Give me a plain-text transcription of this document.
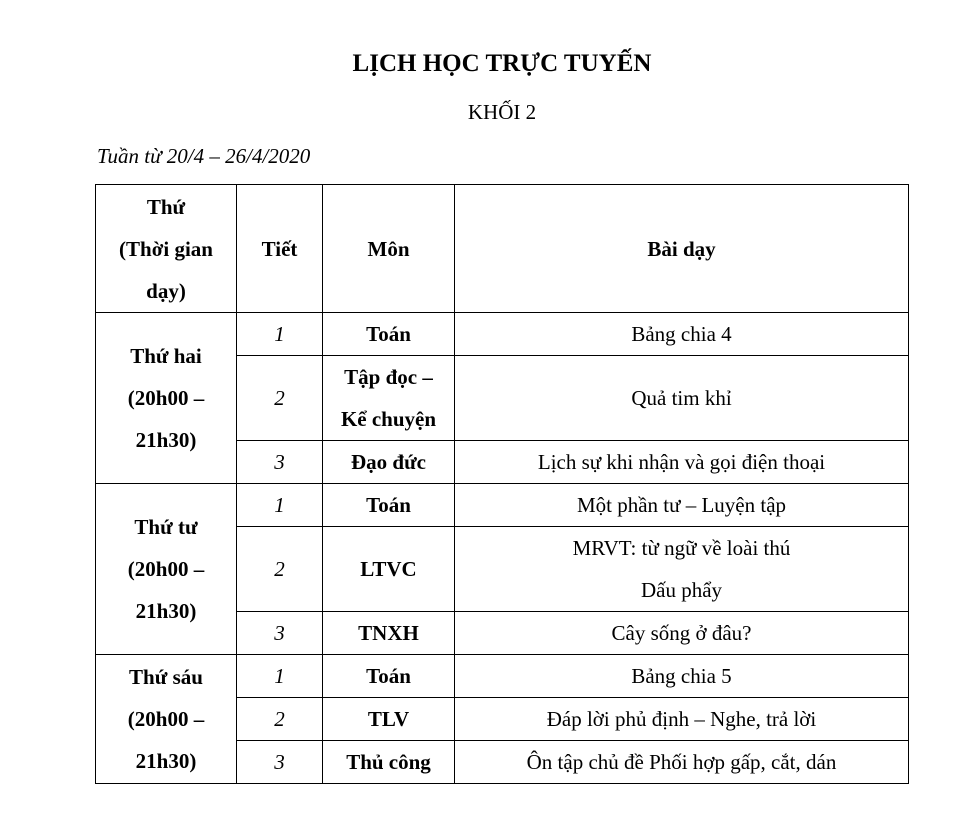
LỊCH HỌC TRỰC TUYẾN
KHỐI 2
Tuần từ 20/4 – 26/4/2020
Thứ
(Thời gian
dạy)	Tiết	Môn	Bài dạy

Thứ hai
(20h00 –
21h30)	1	Toán	Bảng chia 4
	2	Tập đọc –
Kể chuyện	Quả tim khỉ
	3	Đạo đức	Lịch sự khi nhận và gọi điện thoại

Thứ tư
(20h00 –
21h30)	1	Toán	Một phần tư – Luyện tập
	2	LTVC	MRVT: từ ngữ về loài thú
Dấu phẩy

	3	TNXH	Cây sống ở đâu?

Thứ sáu
(20h00 –
21h30)	1	Toán	Bảng chia 5
	2	TLV	Đáp lời phủ định – Nghe, trả lời
	3	Thủ công	Ôn tập chủ đề Phối hợp gấp, cắt, dán
